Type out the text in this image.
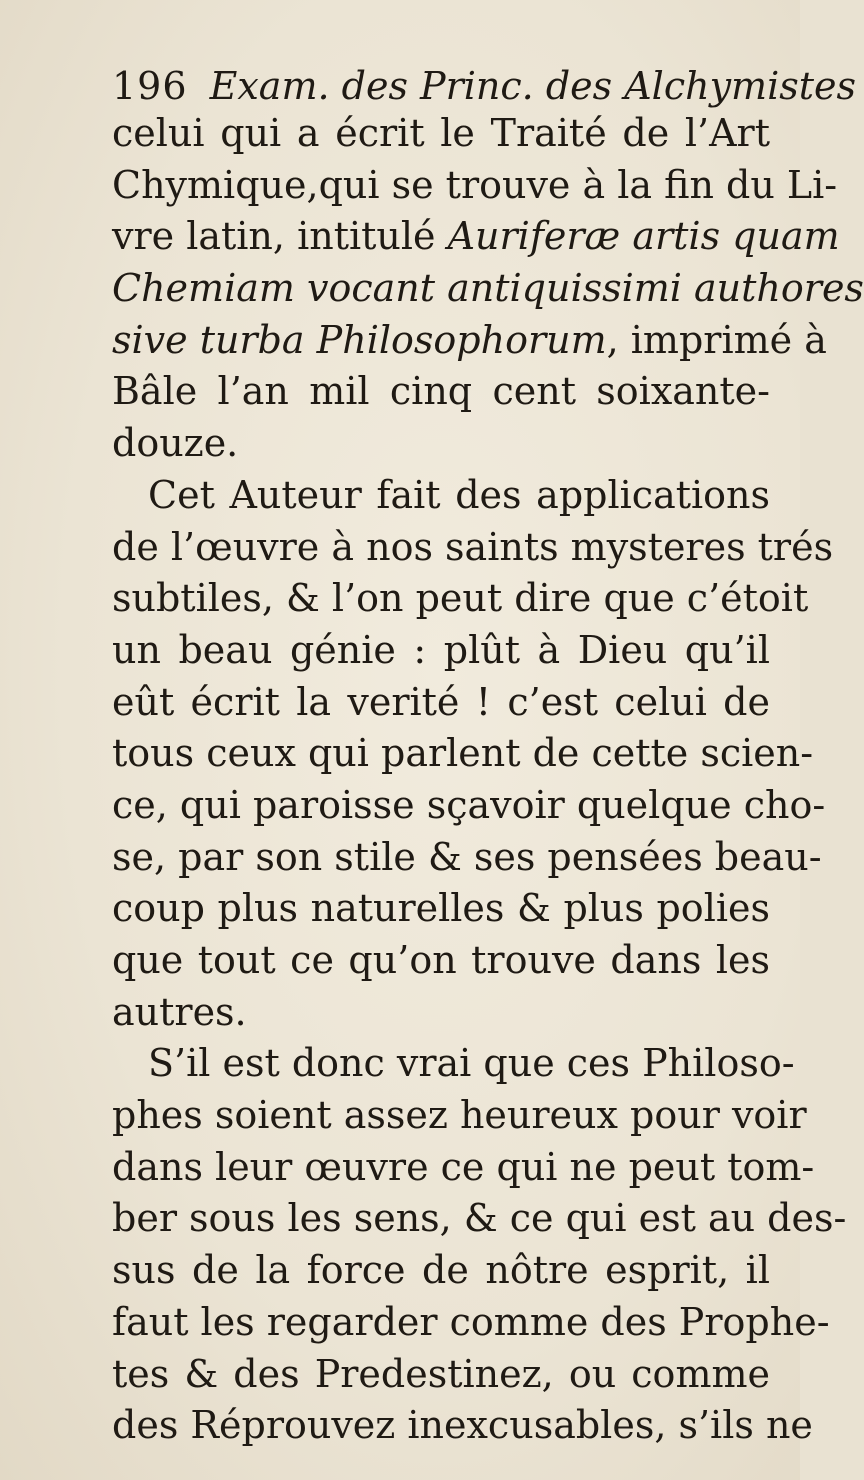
196 Exam. des Princ. des Alchymistes
celui qui a écrit le Traité de l’Art
Chymique,qui se trouve à la fin du Li-
vre latin, intitulé Auriferæ artis quam
Chemiam vocant antiquissimi authores
sive turba Philosophorum, imprimé à
Bâle l’an mil cinq cent soixante-
douze.
Cet Auteur fait des applications
de l’œuvre à nos saints mysteres trés
subtiles, & l’on peut dire que c’étoit
un beau génie : plût à Dieu qu’il
eût écrit la verité ! c’est celui de
tous ceux qui parlent de cette scien-
ce, qui paroisse sçavoir quelque cho-
se, par son stile & ses pensées beau-
coup plus naturelles & plus polies
que tout ce qu’on trouve dans les
autres.
S’il est donc vrai que ces Philoso-
phes soient assez heureux pour voir
dans leur œuvre ce qui ne peut tom-
ber sous les sens, & ce qui est au des-
sus de la force de nôtre esprit, il
faut les regarder comme des Prophe-
tes & des Predestinez, ou comme
des Réprouvez inexcusables, s’ils ne
